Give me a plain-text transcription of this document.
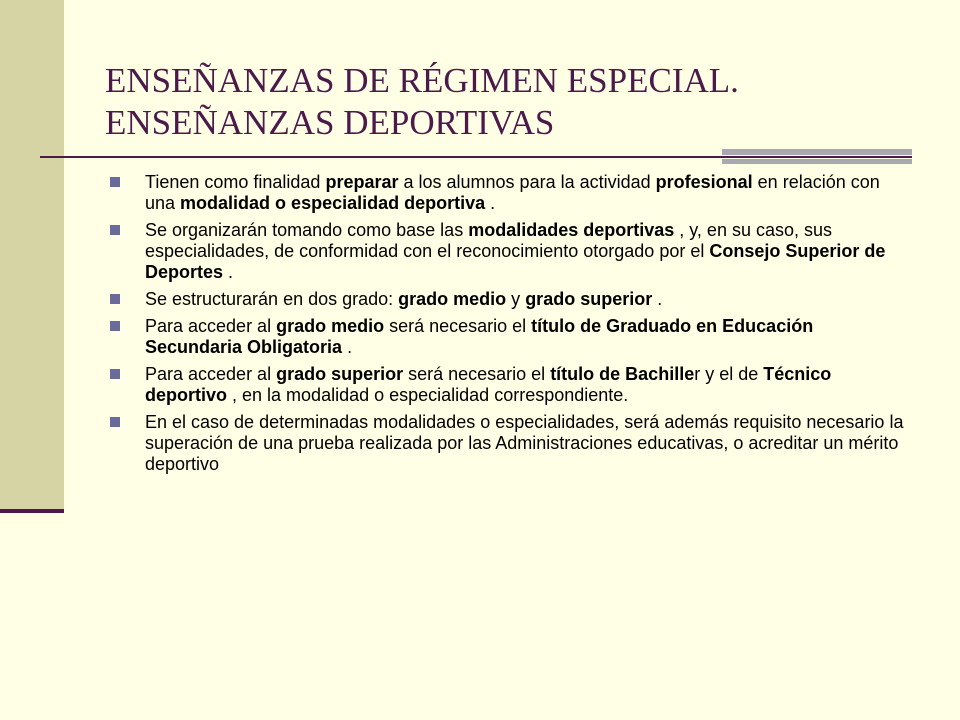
ENSEÑANZAS DE RÉGIMEN ESPECIAL.
ENSEÑANZAS DEPORTIVAS
Tienen como finalidad preparar a los alumnos para la actividad profesional en relación con una modalidad o especialidad deportiva .
Se organizarán tomando como base las modalidades deportivas , y, en su caso, sus especialidades, de conformidad con el reconocimiento otorgado por el Consejo Superior de Deportes .
Se estructurarán en dos grado: grado medio y grado superior .
Para acceder al grado medio será necesario el título de Graduado en Educación Secundaria Obligatoria .
Para acceder al grado superior será necesario el título de Bachiller y el de Técnico deportivo , en la modalidad o especialidad correspondiente.
En el caso de determinadas modalidades o especialidades, será además requisito necesario la superación de una prueba realizada por las Administraciones educativas, o acreditar un mérito deportivo
